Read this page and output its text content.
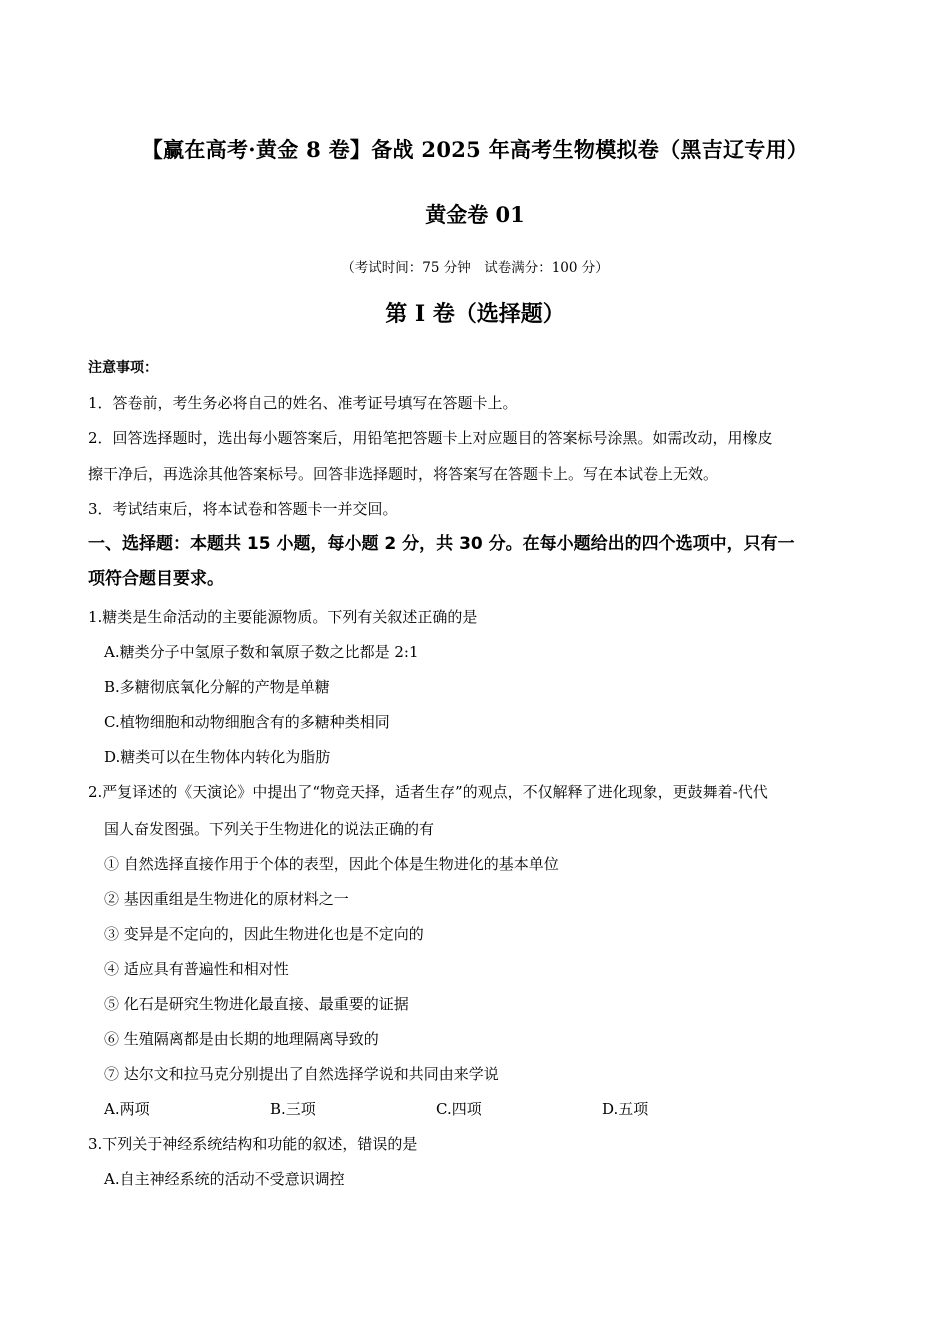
【赢在高考·黄金 8 卷】备战 2025 年高考生物模拟卷（黑吉辽专用）
黄金卷 01
（考试时间：75 分钟　试卷满分：100 分）
第 I 卷（选择题）
注意事项：
1．答卷前，考生务必将自己的姓名、准考证号填写在答题卡上。
2．回答选择题时，选出每小题答案后，用铅笔把答题卡上对应题目的答案标号涂黑。如需改动，用橡皮
擦干净后，再选涂其他答案标号。回答非选择题时，将答案写在答题卡上。写在本试卷上无效。
3．考试结束后，将本试卷和答题卡一并交回。
一、选择题：本题共 15 小题，每小题 2 分，共 30 分。在每小题给出的四个选项中，只有一
项符合题目要求。
1.糖类是生命活动的主要能源物质。下列有关叙述正确的是
A.糖类分子中氢原子数和氧原子数之比都是 2:1
B.多糖彻底氧化分解的产物是单糖
C.植物细胞和动物细胞含有的多糖种类相同
D.糖类可以在生物体内转化为脂肪
2.严复译述的《天演论》中提出了“物竞天择，适者生存”的观点，不仅解释了进化现象，更鼓舞着-代代
国人奋发图强。下列关于生物进化的说法正确的有
① 自然选择直接作用于个体的表型，因此个体是生物进化的基本单位
② 基因重组是生物进化的原材料之一
③ 变异是不定向的，因此生物进化也是不定向的
④ 适应具有普遍性和相对性
⑤ 化石是研究生物进化最直接、最重要的证据
⑥ 生殖隔离都是由长期的地理隔离导致的
⑦ 达尔文和拉马克分别提出了自然选择学说和共同由来学说
A.两项	B.三项	C.四项	D.五项
3.下列关于神经系统结构和功能的叙述，错误的是
A.自主神经系统的活动不受意识调控
